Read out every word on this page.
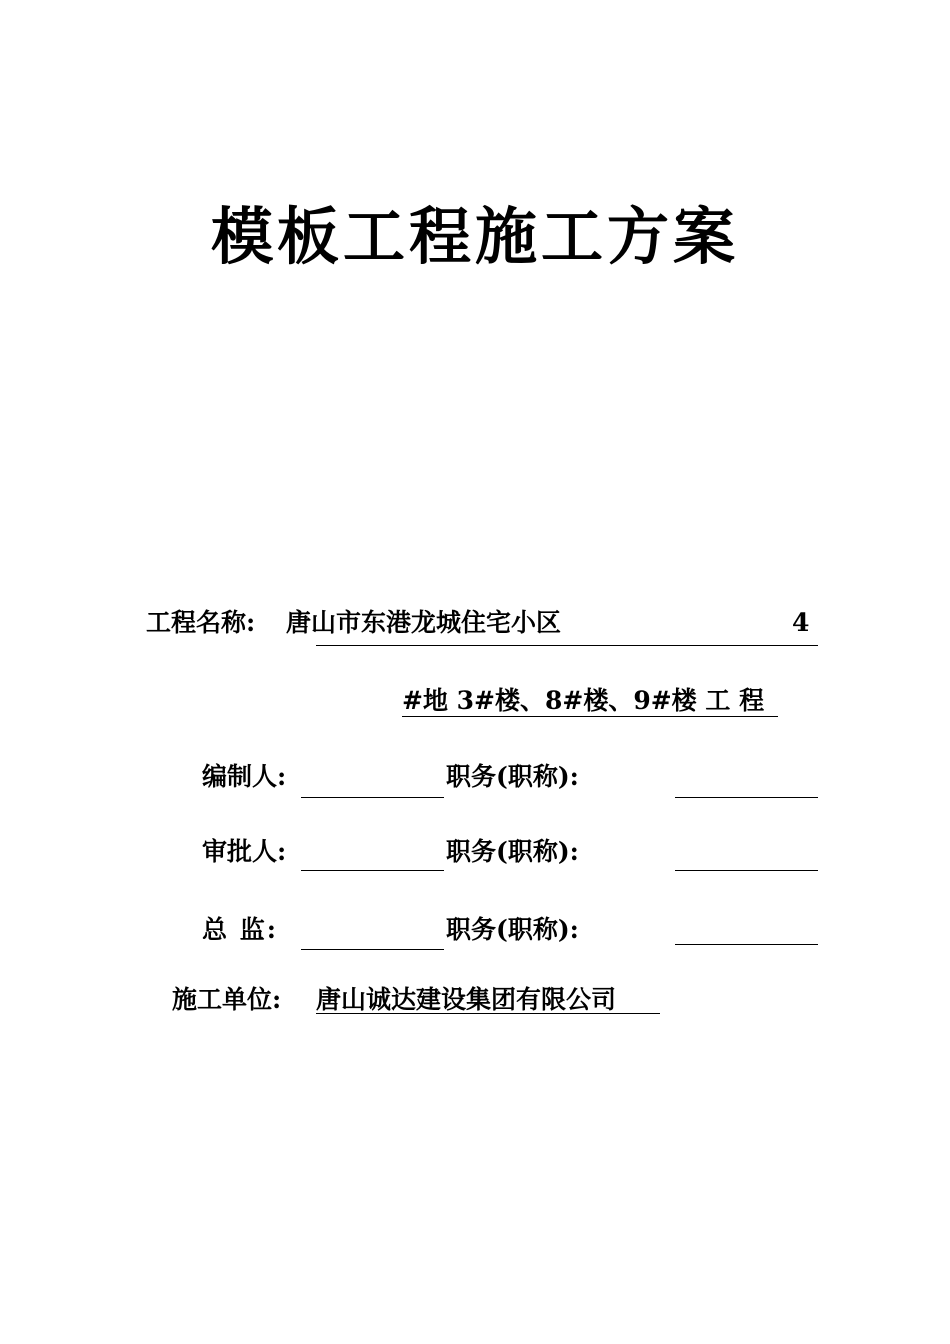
模板工程施工方案
工程名称: 唐山市东港龙城住宅小区	4
#地 3#楼、8#楼、9#楼 工 程
编制人:	职务(职称):
审批人:	职务(职称):
总 监:	职务(职称):
施工单位: 唐山诚达建设集团有限公司
